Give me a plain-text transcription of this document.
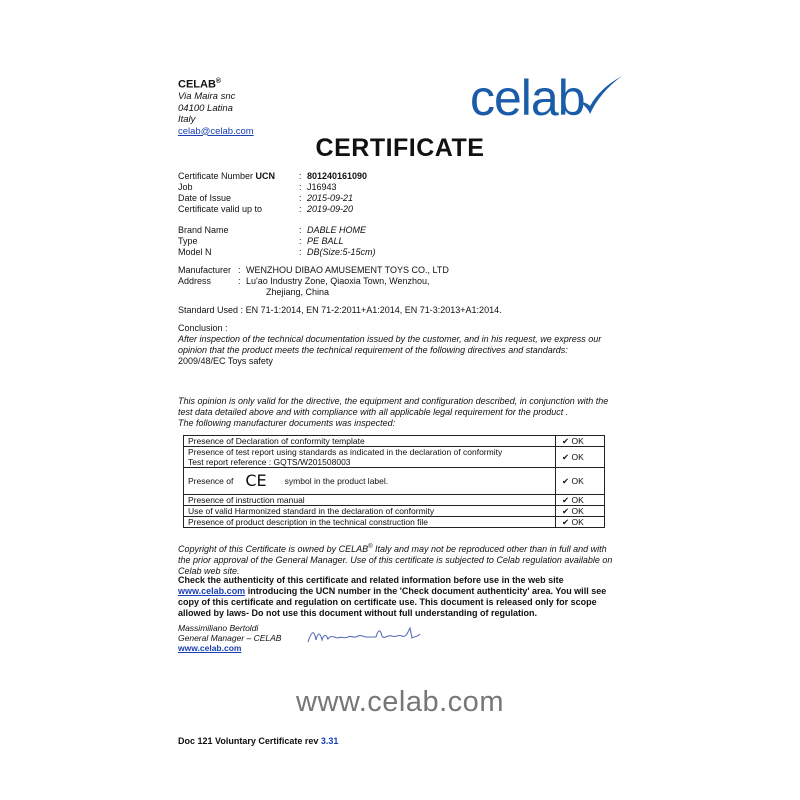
CELAB®
Via Maira snc
04100 Latina
Italy
celab@celab.com
celab
CERTIFICATE
Certificate Number UCN	: 801240161090
Job	: J16943
Date of Issue	: 2015-09-21
Certificate valid up to	: 2019-09-20
Brand Name	: DABLE HOME
Type	: PE BALL
Model N	: DB(Size:5-15cm)
Manufacturer : WENZHOU DIBAO AMUSEMENT TOYS CO., LTD
Address	: Lu'ao Industry Zone, Qiaoxia Town, Wenzhou,
Zhejiang, China
Standard Used : EN 71-1:2014, EN 71-2:2011+A1:2014, EN 71-3:2013+A1:2014.
Conclusion :
After inspection of the technical documentation issued by the customer, and in his request, we express our opinion that the product meets the technical requirement of the following directives and standards:
2009/48/EC Toys safety
This opinion is only valid for the directive, the equipment and configuration described, in conjunction with the test data detailed above and with compliance with all applicable legal requirement for the product .
The following manufacturer documents was inspected:
Presence of Declaration of conformity template	✔ OK

Presence of test report using standards as indicated in the declaration of conformity
Test report reference : GQTS/W201508003	✔ OK
Presence of CE symbol in the product label.	✔ OK
Presence of instruction manual	✔ OK
Use of valid Harmonized standard in the declaration of conformity	✔ OK
Presence of product description in the technical construction file	✔ OK
Copyright of this Certificate is owned by CELAB® Italy and may not be reproduced other than in full and with the prior approval of the General Manager. Use of this certificate is subjected to Celab regulation available on Celab web site.
Check the authenticity of this certificate and related information before use in the web site www.celab.com introducing the UCN number in the 'Check document authenticity' area. You will see copy of this certificate and regulation on certificate use. This document is released only for scope allowed by laws- Do not use this document without full understanding of regulation.
Massimiliano Bertoldi
General Manager – CELAB
www.celab.com
www.celab.com
Doc 121 Voluntary Certificate rev 3.31
